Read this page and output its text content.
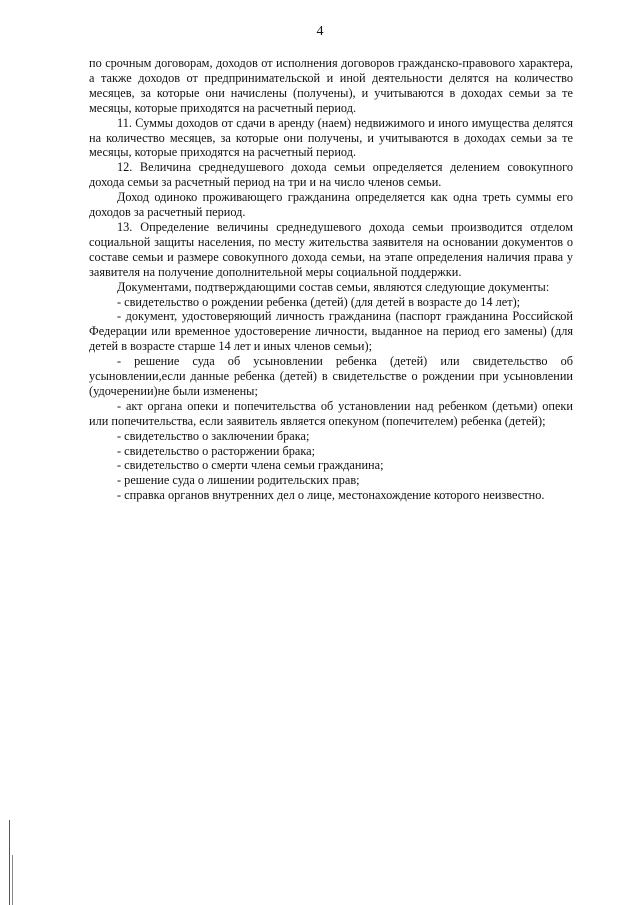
4

по срочным договорам, доходов от исполнения договоров гражданско-правового характера, а также доходов от предпринимательской и иной деятельности делятся на количество месяцев, за которые они начислены (получены), и учитываются в доходах семьи за те месяцы, которые приходятся на расчетный период.

11. Суммы доходов от сдачи в аренду (наем) недвижимого и иного имущества делятся на количество месяцев, за которые они получены, и учитываются в доходах семьи за те месяцы, которые приходятся на расчетный период.

12. Величина среднедушевого дохода семьи определяется делением совокупного дохода семьи за расчетный период на три и на число членов семьи.

Доход одиноко проживающего гражданина определяется как одна треть суммы его доходов за расчетный период.

13. Определение величины среднедушевого дохода семьи производится отделом социальной защиты населения, по месту жительства заявителя на основании документов о составе семьи и размере совокупного дохода семьи, на этапе определения наличия права у заявителя на получение дополнительной меры социальной поддержки.

Документами, подтверждающими состав семьи, являются следующие документы:

- свидетельство о рождении ребенка (детей) (для детей в возрасте до 14 лет);

- документ, удостоверяющий личность гражданина (паспорт гражданина Российской Федерации или временное удостоверение личности, выданное на период его замены) (для детей в возрасте старше 14 лет и иных членов семьи);

- решение суда об усыновлении ребенка (детей) или свидетельство об усыновлении,если данные ребенка (детей) в свидетельстве о рождении при усыновлении (удочерении)не были изменены;

- акт органа опеки и попечительства об установлении над ребенком (детьми) опеки или попечительства, если заявитель является опекуном (попечителем) ребенка (детей);

- свидетельство о заключении брака;

- свидетельство о расторжении брака;

- свидетельство о смерти члена семьи гражданина;

- решение суда о лишении родительских прав;

- справка органов внутренних дел о лице, местонахождение которого неизвестно.
